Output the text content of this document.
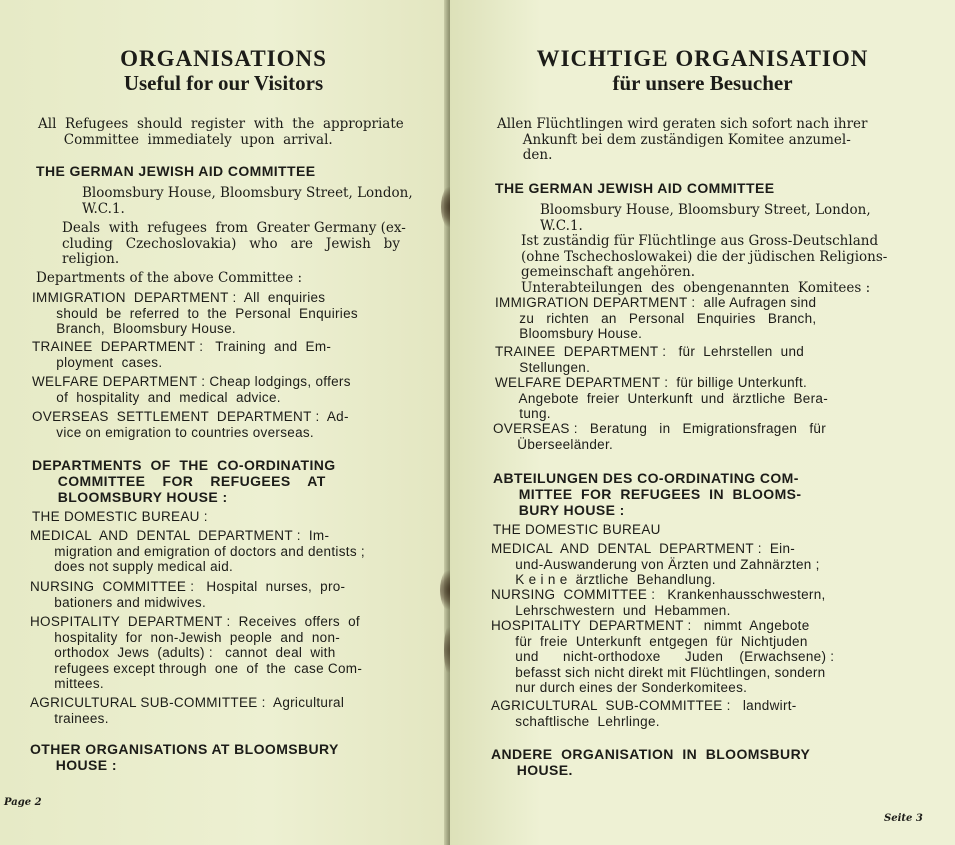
ORGANISATIONS
Useful for our Visitors
All  Refugees  should  register  with  the  appropriate
Committee  immediately  upon  arrival.
THE GERMAN JEWISH AID COMMITTEE
Bloomsbury House, Bloomsbury Street, London,
W.C.1.
Deals  with  refugees  from  Greater Germany (ex-
cluding   Czechoslovakia)   who   are   Jewish   by
religion.
Departments of the above Committee :
IMMIGRATION  DEPARTMENT :  All  enquiries
should  be  referred  to  the  Personal  Enquiries
Branch,  Bloomsbury House.
TRAINEE  DEPARTMENT :   Training  and  Em-
ployment  cases.
WELFARE DEPARTMENT : Cheap lodgings, offers
of  hospitality  and  medical  advice.
OVERSEAS  SETTLEMENT  DEPARTMENT :  Ad-
vice on emigration to countries overseas.
DEPARTMENTS  OF  THE  CO-ORDINATING
COMMITTEE    FOR    REFUGEES    AT
BLOOMSBURY HOUSE :
THE DOMESTIC BUREAU :
MEDICAL  AND  DENTAL  DEPARTMENT :  Im-
migration and emigration of doctors and dentists ;
does not supply medical aid.
NURSING  COMMITTEE :   Hospital  nurses,  pro-
bationers and midwives.
HOSPITALITY  DEPARTMENT :  Receives  offers  of
hospitality  for  non-Jewish  people  and  non-
orthodox  Jews  (adults) :   cannot  deal  with
refugees except through  one  of  the  case Com-
mittees.
AGRICULTURAL SUB-COMMITTEE :  Agricultural
trainees.
OTHER ORGANISATIONS AT BLOOMSBURY
HOUSE :
Page 2
WICHTIGE ORGANISATION
für unsere Besucher
Allen Flüchtlingen wird geraten sich sofort nach ihrer
Ankunft bei dem zuständigen Komitee anzumel-
den.
THE GERMAN JEWISH AID COMMITTEE
Bloomsbury House, Bloomsbury Street, London,
W.C.1.
Ist zuständig für Flüchtlinge aus Gross-Deutschland
(ohne Tschechoslowakei) die der jüdischen Religions-
gemeinschaft angehören.
Unterabteilungen  des  obengenannten  Komitees :
IMMIGRATION DEPARTMENT :  alle Aufragen sind
zu   richten   an   Personal   Enquiries   Branch,
Bloomsbury House.
TRAINEE  DEPARTMENT :   für  Lehrstellen  und
Stellungen.
WELFARE DEPARTMENT :  für billige Unterkunft.
Angebote  freier  Unterkunft  und  ärztliche  Bera-
tung.
OVERSEAS :   Beratung   in   Emigrationsfragen   für
Überseeländer.
ABTEILUNGEN DES CO-ORDINATING COM-
MITTEE  FOR  REFUGEES  IN  BLOOMS-
BURY HOUSE :
THE DOMESTIC BUREAU
MEDICAL  AND  DENTAL  DEPARTMENT :  Ein-
und-Auswanderung von Ärzten und Zahnärzten ;
K e i n e  ärztliche  Behandlung.
NURSING  COMMITTEE :   Krankenhausschwestern,
Lehrschwestern  und  Hebammen.
HOSPITALITY  DEPARTMENT :   nimmt  Angebote
für  freie  Unterkunft  entgegen  für  Nichtjuden
und      nicht-orthodoxe      Juden    (Erwachsene) :
befasst sich nicht direkt mit Flüchtlingen, sondern
nur durch eines der Sonderkomitees.
AGRICULTURAL  SUB-COMMITTEE :   landwirt-
schaftlische  Lehrlinge.
ANDERE  ORGANISATION  IN  BLOOMSBURY
HOUSE.
Seite 3
